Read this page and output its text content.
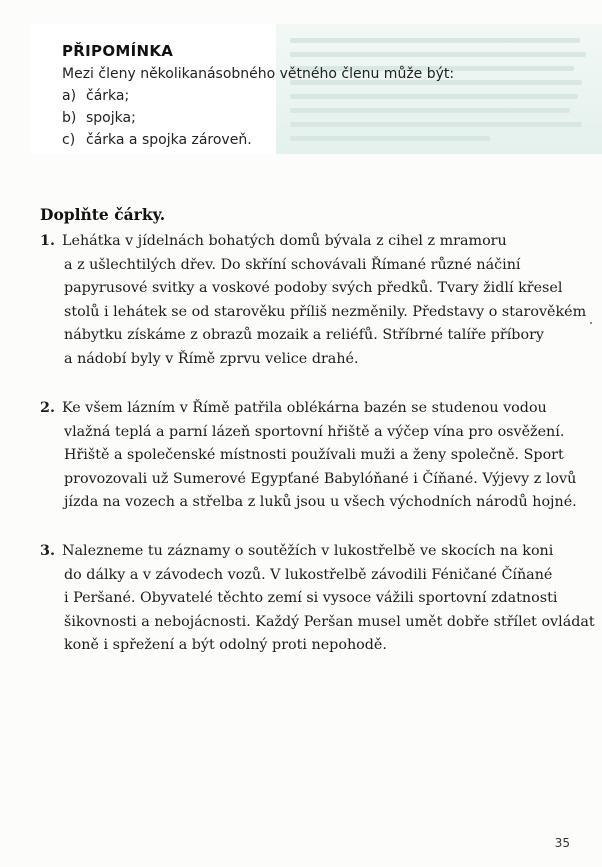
PŘIPOMÍNKA
Mezi členy několikanásobného větného členu může být:
a) čárka;
b) spojka;
c) čárka a spojka zároveň.
Doplňte čárky.
1. Lehátka v jídelnách bohatých domů bývala z cihel z mramoru
a z ušlechtilých dřev. Do skříní schovávali Římané různé náčiní
papyrusové svitky a voskové podoby svých předků. Tvary židlí křesel
stolů i lehátek se od starověku příliš nezměnily. Představy o starověkém
nábytku získáme z obrazů mozaik a reliéfů. Stříbrné talíře příbory
a nádobí byly v Římě zprvu velice drahé.
2. Ke všem lázním v Římě patřila oblékárna bazén se studenou vodou
vlažná teplá a parní lázeň sportovní hřiště a výčep vína pro osvěžení.
Hřiště a společenské místnosti používali muži a ženy společně. Sport
provozovali už Sumerové Egypťané Babylóňané i Číňané. Výjevy z lovů
jízda na vozech a střelba z luků jsou u všech východních národů hojné.
3. Nalezneme tu záznamy o soutěžích v lukostřelbě ve skocích na koni
do dálky a v závodech vozů. V lukostřelbě závodili Féničané Číňané
i Peršané. Obyvatelé těchto zemí si vysoce vážili sportovní zdatnosti
šikovnosti a nebojácnosti. Každý Peršan musel umět dobře střílet ovládat
koně i spřežení a být odolný proti nepohodě.
35
